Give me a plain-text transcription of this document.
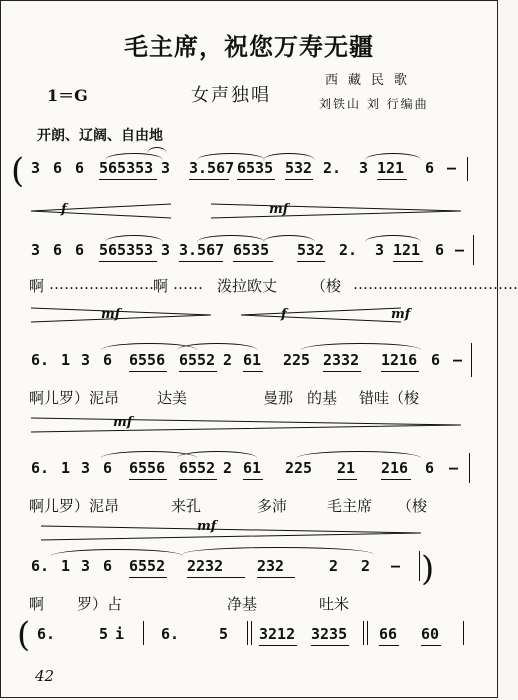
毛主席，祝您万寿无疆
1＝G	女声独唱
西藏民歌
刘铁山 刘 行编曲
开朗、辽阔、自由地
( 3 6 6 565353 3 3.567 6535 532 2. 3 121 6 –
f	mf
3 6 6 565353 3 3.567 6535 532 2. 3 121 6 –
啊 ………………… 啊 …… 泼拉欧丈 （梭 ……………………………
mf	f	mf
6. 1 3 6 6556 6552 2 61 225 2332 1216 6 –
啊儿罗）泥昂	达美	曼那 的基 错哇（梭
mf
6. 1 3 6 6556 6552 2 61 225 21 216 6 –
啊儿罗）泥昂	来孔	多沛	毛主席 （梭
mf
6. 1 3 6 6552 2232 232	2 2 – )
啊 罗）占	净基	吐米
( 6.	5 i 6.	5 3212 3235 66 60
42
